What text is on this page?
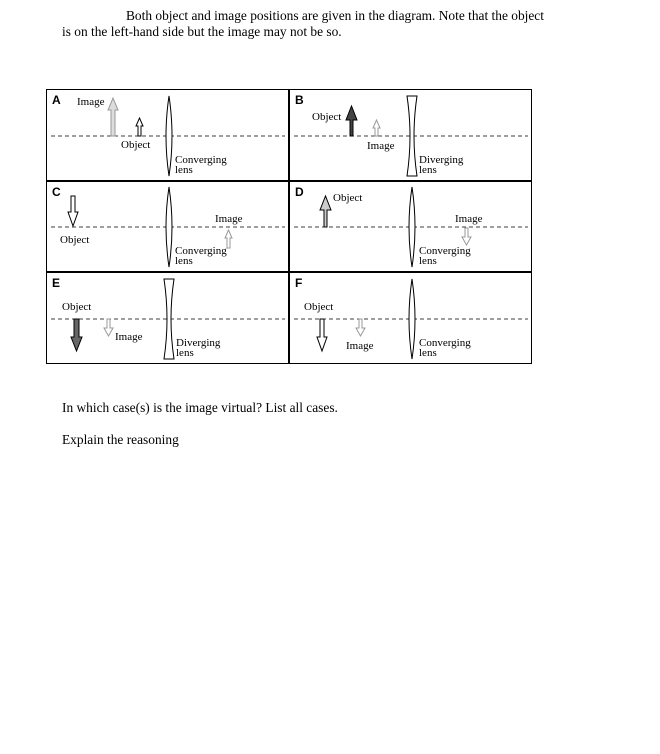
Both object and image positions are given in the diagram. Note that the object
is on the left-hand side but the image may not be so.

A Image
Object
Converging
lens
B
Object
Image
Diverging
lens
C
Object
Image
Converging
lens
D	Object
Image
Converging
lens
E
Object
Image	Diverging
lens
F
Object
Image	Converging
lens

In which case(s) is the image virtual? List all cases.

Explain the reasoning
